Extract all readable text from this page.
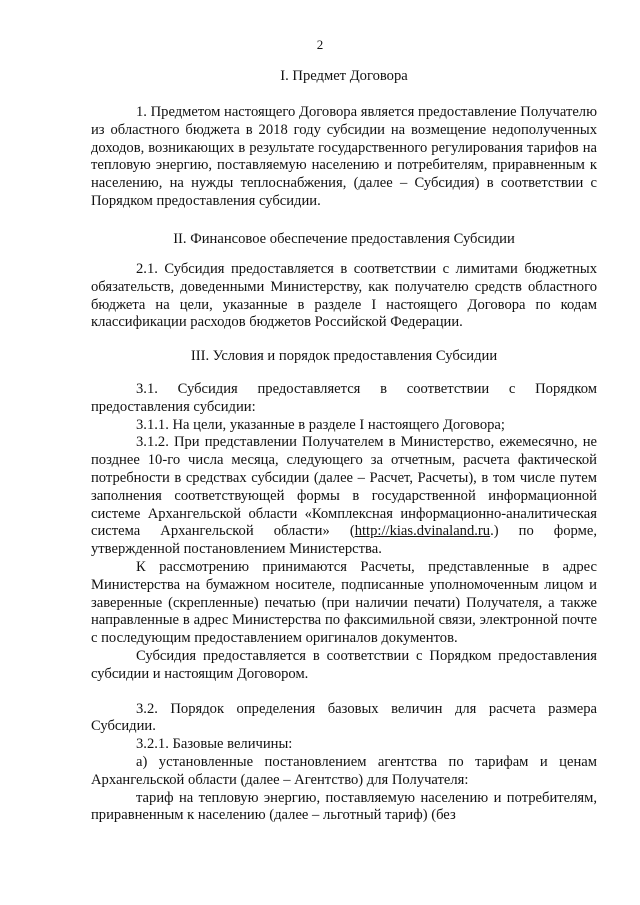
2
I. Предмет Договора

1. Предметом настоящего Договора является предоставление Получателю из областного бюджета в 2018 году субсидии на возмещение недополученных доходов, возникающих в результате государственного регулирования тарифов на тепловую энергию, поставляемую населению и потребителям, приравненным к населению, на нужды теплоснабжения, (далее – Субсидия) в соответствии с Порядком предоставления субсидии.

II. Финансовое обеспечение предоставления Субсидии

2.1. Субсидия предоставляется в соответствии с лимитами бюджетных обязательств, доведенными Министерству, как получателю средств областного бюджета на цели, указанные в разделе I настоящего Договора по кодам классификации расходов бюджетов Российской Федерации.

III. Условия и порядок предоставления Субсидии

3.1. Субсидия предоставляется в соответствии с Порядком предоставления субсидии:

3.1.1. На цели, указанные в разделе I настоящего Договора;

3.1.2. При представлении Получателем в Министерство, ежемесячно, не позднее 10-го числа месяца, следующего за отчетным, расчета фактической потребности в средствах субсидии (далее – Расчет, Расчеты), в том числе путем заполнения соответствующей формы в государственной информационной системе Архангельской области «Комплексная информационно-аналитическая система Архангельской области» (http://kias.dvinaland.ru.) по форме, утвержденной постановлением Министерства.

К рассмотрению принимаются Расчеты, представленные в адрес Министерства на бумажном носителе, подписанные уполномоченным лицом и заверенные (скрепленные) печатью (при наличии печати) Получателя, а также направленные в адрес Министерства по факсимильной связи, электронной почте с последующим предоставлением оригиналов документов.

Субсидия предоставляется в соответствии с Порядком предоставления субсидии и настоящим Договором.

3.2. Порядок определения базовых величин для расчета размера Субсидии.

3.2.1. Базовые величины:

а) установленные постановлением агентства по тарифам и ценам Архангельской области (далее – Агентство) для Получателя:

тариф на тепловую энергию, поставляемую населению и потребителям, приравненным к населению (далее – льготный тариф) (без
